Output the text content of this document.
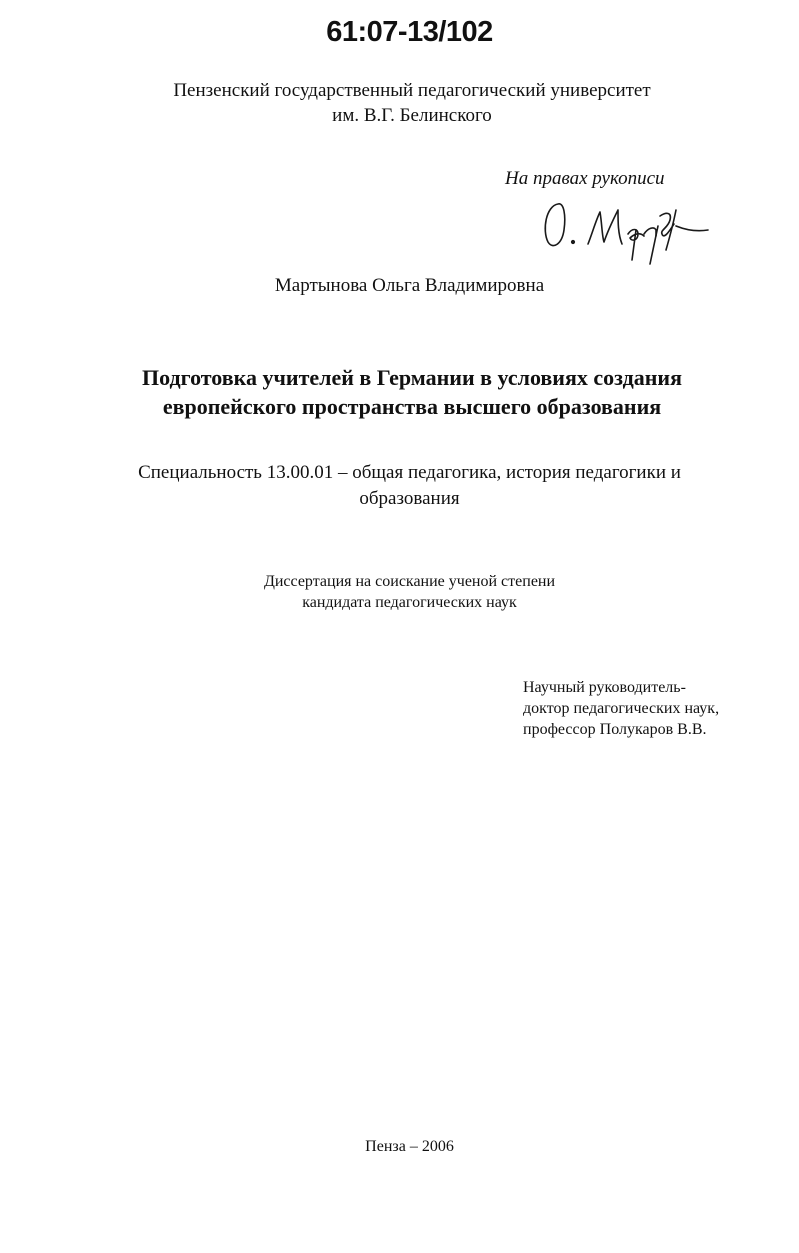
61:07-13/102
Пензенский государственный педагогический университет
им. В.Г. Белинского
На правах рукописи
Мартынова Ольга Владимировна
Подготовка учителей в Германии в условиях создания
европейского пространства высшего образования
Специальность 13.00.01 – общая педагогика, история педагогики и
образования
Диссертация на соискание ученой степени
кандидата педагогических наук
Научный руководитель-
доктор педагогических наук,
профессор Полукаров В.В.
Пенза – 2006
